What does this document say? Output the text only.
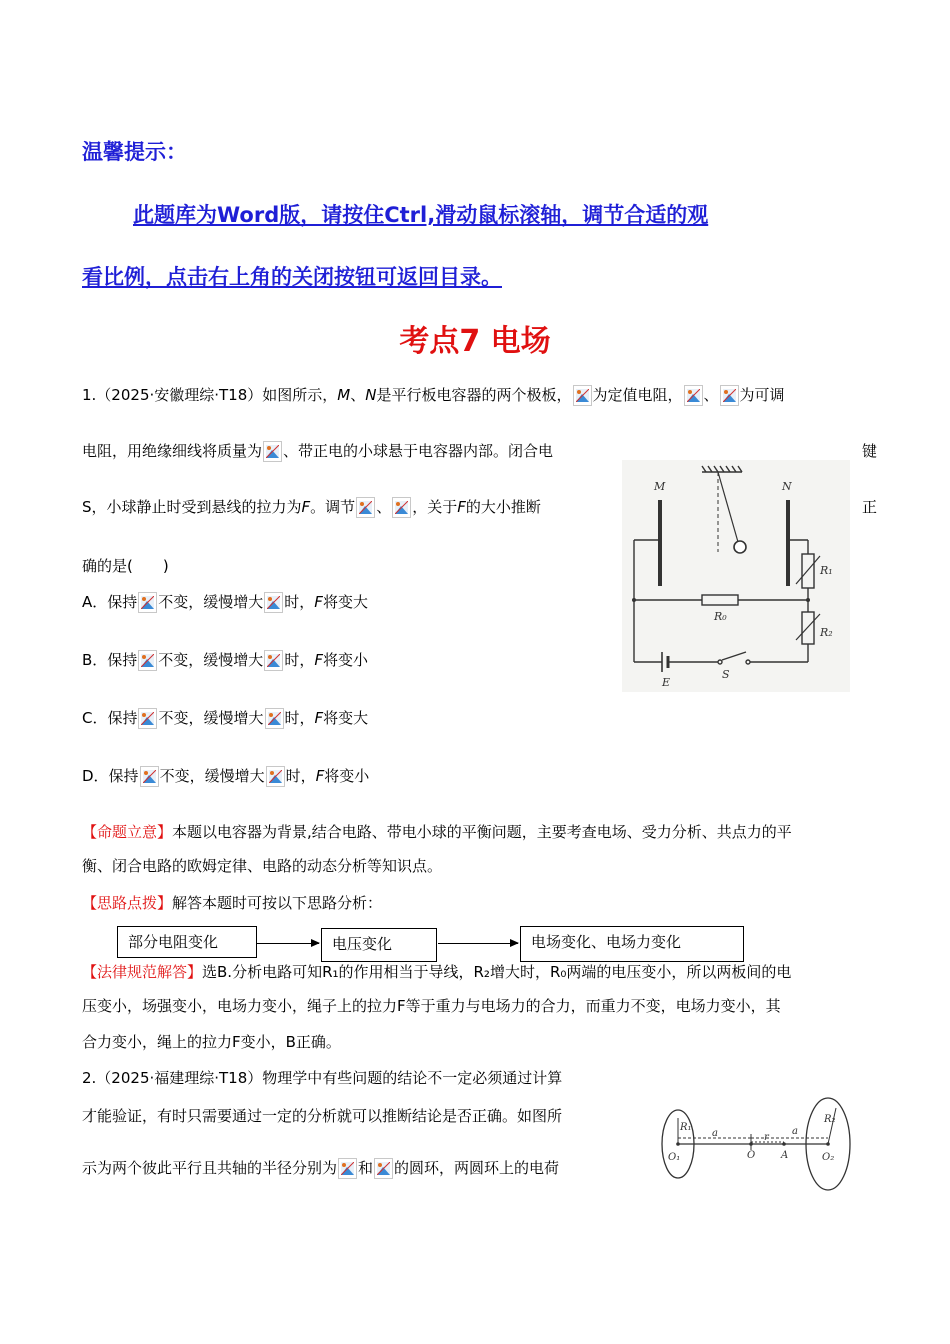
温馨提示：
此题库为Word版，请按住Ctrl,滑动鼠标滚轴，调节合适的观
看比例，点击右上角的关闭按钮可返回目录。
考点7 电场
1.（2025·安徽理综·T18）如图所示，M、N是平行板电容器的两个极板， 为定值电阻， 、 为可调
电阻，用绝缘细线将质量为 、带正电的小球悬于电容器内部。闭合电	键
S，小球静止时受到悬线的拉力为F。调节 、 ，关于F的大小推断	正
确的是(　　)
A．保持 不变，缓慢增大 时，F将变大
B．保持 不变，缓慢增大 时，F将变小
C．保持 不变，缓慢增大 时，F将变大
D．保持 不变，缓慢增大 时，F将变小
M	N
R₁
R₀
R₂
E
S
【命题立意】本题以电容器为背景,结合电路、带电小球的平衡问题，主要考查电场、受力分析、共点力的平
衡、闭合电路的欧姆定律、电路的动态分析等知识点。
【思路点拨】解答本题时可按以下思路分析：
部分电阻变化	电压变化	电场变化、电场力变化
【法律规范解答】选B.分析电路可知R₁的作用相当于导线，R₂增大时，R₀两端的电压变小，所以两板间的电
压变小，场强变小，电场力变小，绳子上的拉力F等于重力与电场力的合力，而重力不变，电场力变小，其
合力变小，绳上的拉力F变小，B正确。
2.（2025·福建理综·T18）物理学中有些问题的结论不一定必须通过计算
才能验证，有时只需要通过一定的分析就可以推断结论是否正确。如图所
示为两个彼此平行且共轴的半径分别为 和 的圆环，两圆环上的电荷
R₁
O₁
a
O
r
A
a
R₂
O₂
